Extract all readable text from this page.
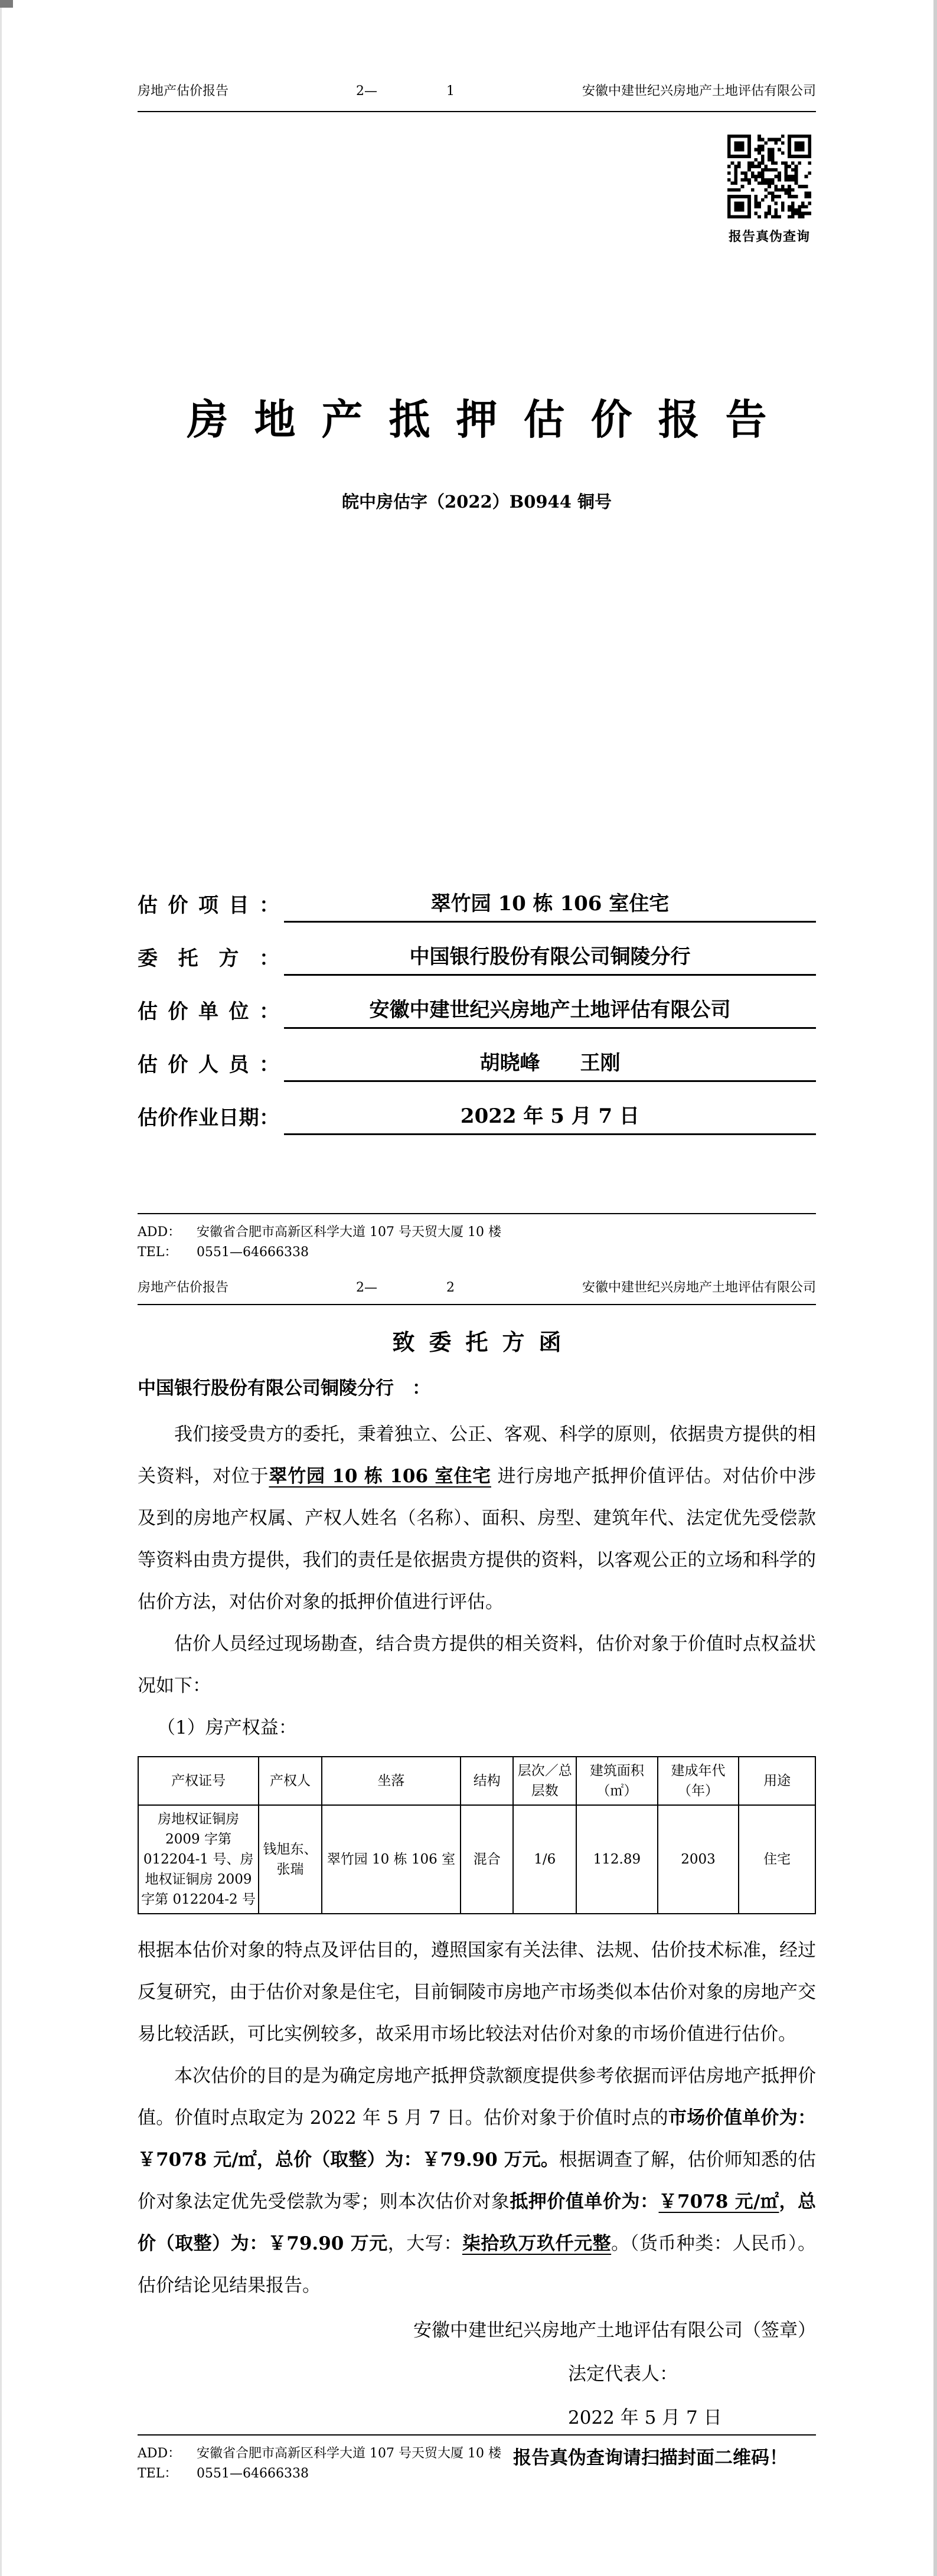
房地产估价报告	2—	1	安徽中建世纪兴房地产土地评估有限公司
房地产抵押估价报告
皖中房估字（2022）B0944 铜号
估价项目：	翠竹园 10 栋 106 室住宅
委托方：	中国银行股份有限公司铜陵分行
估价单位：	安徽中建世纪兴房地产土地评估有限公司
估价人员：	胡晓峰　　王刚
估价作业日期：	2022 年 5 月 7 日
房地产估价报告	2—	2	安徽中建世纪兴房地产土地评估有限公司
致委托方函
中国银行股份有限公司铜陵分行　：

我们接受贵方的委托，秉着独立、公正、客观、科学的原则，依据贵方提供的相关资料，对位于翠竹园 10 栋 106 室住宅 进行房地产抵押价值评估。对估价中涉及到的房地产权属、产权人姓名（名称）、面积、房型、建筑年代、法定优先受偿款等资料由贵方提供，我们的责任是依据贵方提供的资料，以客观公正的立场和科学的估价方法，对估价对象的抵押价值进行评估。

估价人员经过现场勘查，结合贵方提供的相关资料，估价对象于价值时点权益状况如下：

（1）房产权益：
产权证号	产权人	坐落	结构	层次／总层数	建筑面积（㎡）	建成年代（年）	用途
房地权证铜房 2009 字第 012204-1 号、房地权证铜房 2009 字第 012204-2 号	钱旭东、张瑞	翠竹园 10 栋 106 室	混合	1/6	112.89	2003	住宅

根据本估价对象的特点及评估目的，遵照国家有关法律、法规、估价技术标准，经过反复研究，由于估价对象是住宅，目前铜陵市房地产市场类似本估价对象的房地产交易比较活跃，可比实例较多，故采用市场比较法对估价对象的市场价值进行估价。

本次估价的目的是为确定房地产抵押贷款额度提供参考依据而评估房地产抵押价值。价值时点取定为 2022 年 5 月 7 日。估价对象于价值时点的市场价值单价为：￥7078 元/㎡，总价（取整）为：￥79.90 万元。根据调查了解，估价师知悉的估价对象法定优先受偿款为零；则本次估价对象抵押价值单价为：￥7078 元/㎡，总价（取整）为：￥79.90 万元，大写：柒拾玖万玖仟元整。（货币种类：人民币）。估价结论见结果报告。

安徽中建世纪兴房地产土地评估有限公司（签章）
法定代表人：
2022 年 5 月 7 日
报告真伪查询请扫描封面二维码！
报告真伪查询
ADD：	安徽省合肥市高新区科学大道 107 号天贸大厦 10 楼
TEL：	0551—64666338
ADD：	安徽省合肥市高新区科学大道 107 号天贸大厦 10 楼
TEL：	0551—64666338
